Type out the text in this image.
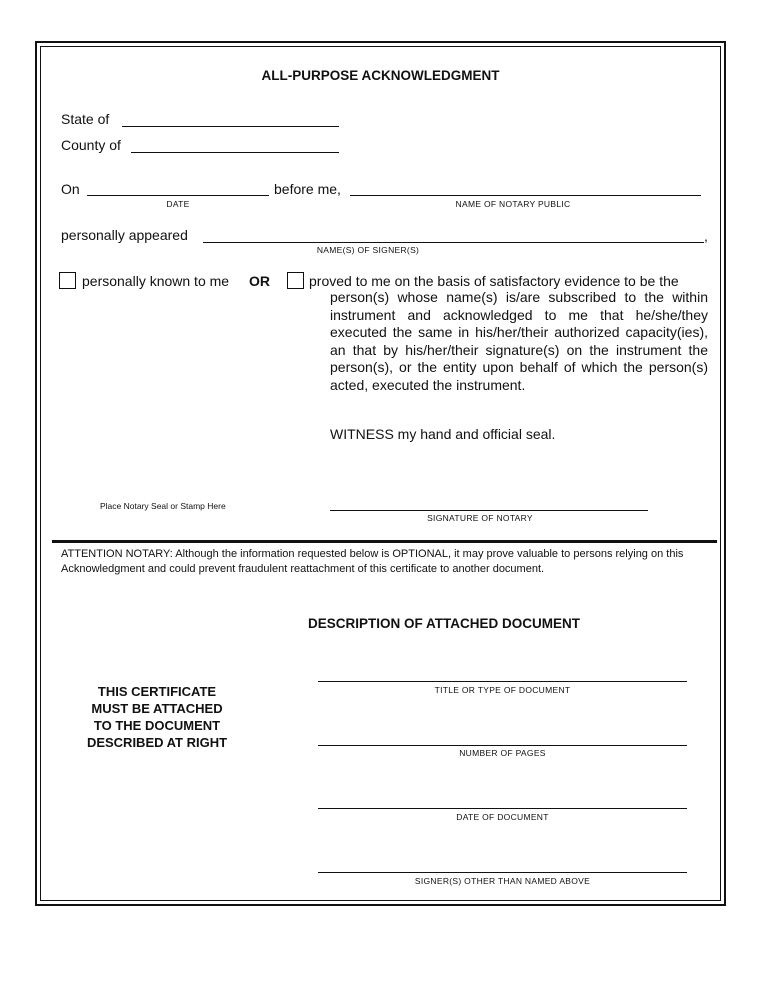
ALL-PURPOSE ACKNOWLEDGMENT
State of
County of
On
DATE
before me,
NAME OF NOTARY PUBLIC
personally appeared	,
NAME(S) OF SIGNER(S)
personally known to me OR	proved to me on the basis of satisfactory evidence to be the
person(s) whose name(s) is/are subscribed to the within instrument and acknowledged to me that he/she/they executed the same in his/her/their authorized capacity(ies), an that by his/her/their signature(s) on the instrument the person(s), or the entity upon behalf of which the person(s) acted, executed the instrument.
WITNESS my hand and official seal.
Place Notary Seal or Stamp Here
SIGNATURE OF NOTARY
ATTENTION NOTARY: Although the information requested below is OPTIONAL, it may prove valuable to persons relying on this Acknowledgment and could prevent fraudulent reattachment of this certificate to another document.
DESCRIPTION OF ATTACHED DOCUMENT
THIS CERTIFICATE
MUST BE ATTACHED
TO THE DOCUMENT
DESCRIBED AT RIGHT
TITLE OR TYPE OF DOCUMENT
NUMBER OF PAGES
DATE OF DOCUMENT
SIGNER(S) OTHER THAN NAMED ABOVE
